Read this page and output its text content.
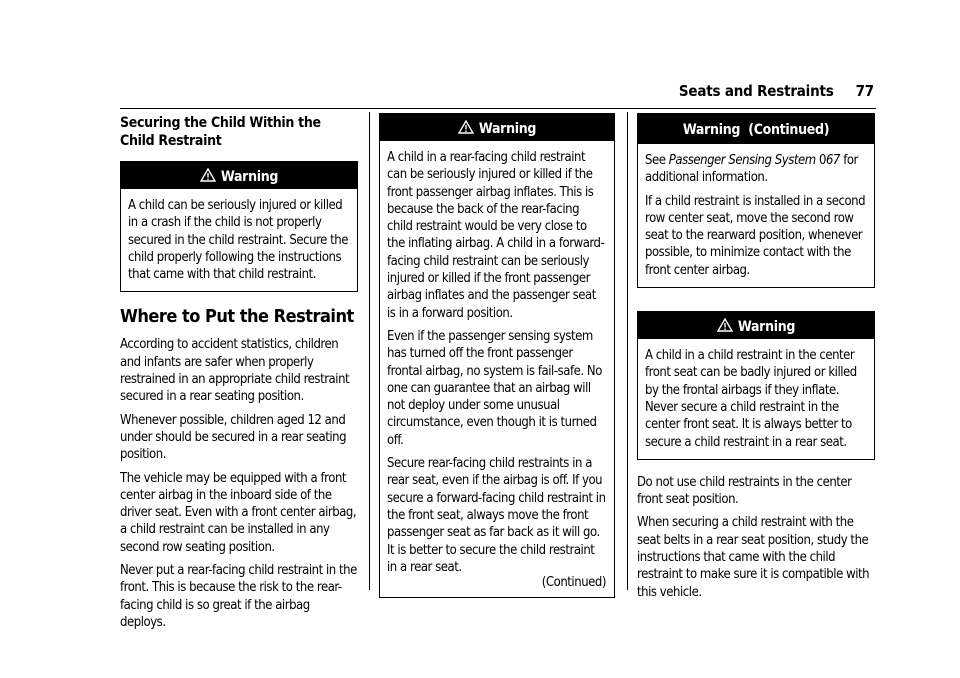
Seats and Restraints 77
Securing the Child Within the Child Restraint
Warning

A child can be seriously injured or killed in a crash if the child is not properly secured in the child restraint. Secure the child properly following the instructions that came with that child restraint.

Where to Put the Restraint

According to accident statistics, children and infants are safer when properly restrained in an appropriate child restraint secured in a rear seating position.

Whenever possible, children aged 12 and under should be secured in a rear seating position.

The vehicle may be equipped with a front center airbag in the inboard side of the driver seat. Even with a front center airbag, a child restraint can be installed in any second row seating position.

Never put a rear-facing child restraint in the front. This is because the risk to the rear-facing child is so great if the airbag deploys.

Warning

A child in a rear-facing child restraint can be seriously injured or killed if the front passenger airbag inflates. This is because the back of the rear-facing child restraint would be very close to the inflating airbag. A child in a forward-facing child restraint can be seriously injured or killed if the front passenger airbag inflates and the passenger seat is in a forward position.

Even if the passenger sensing system has turned off the front passenger frontal airbag, no system is fail-safe. No one can guarantee that an airbag will not deploy under some unusual circumstance, even though it is turned off.

Secure rear-facing child restraints in a rear seat, even if the airbag is off. If you secure a forward-facing child restraint in the front seat, always move the front passenger seat as far back as it will go. It is better to secure the child restraint in a rear seat.

(Continued)
Warning  (Continued)

See Passenger Sensing System 067 for additional information.

If a child restraint is installed in a second row center seat, move the second row seat to the rearward position, whenever possible, to minimize contact with the front center airbag.

Warning

A child in a child restraint in the center front seat can be badly injured or killed by the frontal airbags if they inflate. Never secure a child restraint in the center front seat. It is always better to secure a child restraint in a rear seat.

Do not use child restraints in the center front seat position.

When securing a child restraint with the seat belts in a rear seat position, study the instructions that came with the child restraint to make sure it is compatible with this vehicle.
